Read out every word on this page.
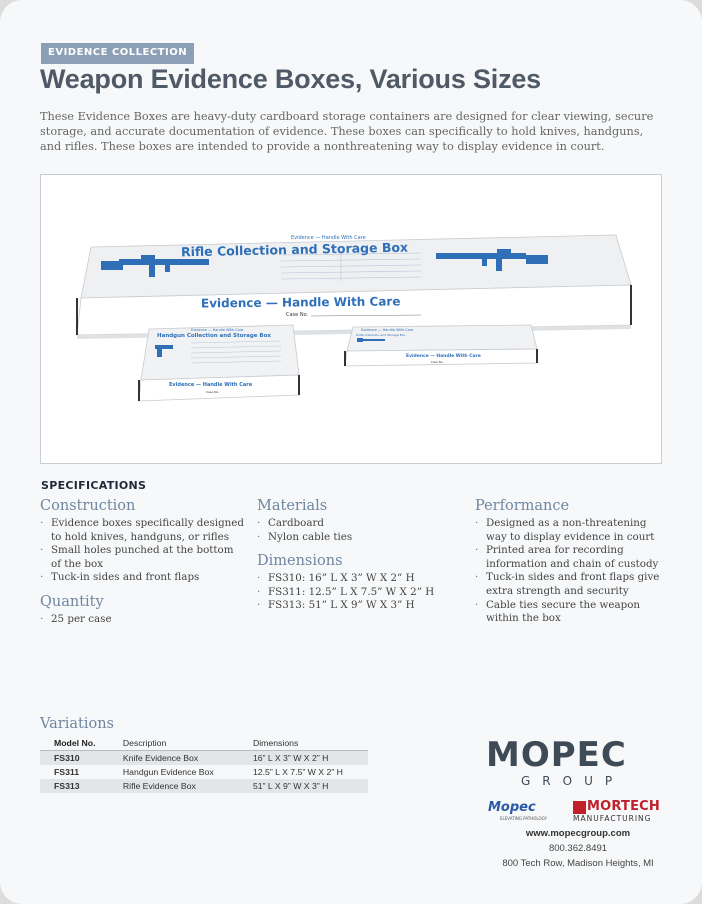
EVIDENCE COLLECTION
Weapon Evidence Boxes, Various Sizes

These Evidence Boxes are heavy-duty cardboard storage containers are designed for clear viewing, secure storage, and accurate documentation of evidence. These boxes can specifically to hold knives, handguns, and rifles. These boxes are intended to provide a nonthreatening way to display evidence in court.

Evidence — Handle With Care
Rifle Collection and Storage Box
Evidence — Handle With Care
Case No.
Evidence — Handle With Care
Handgun Collection and Storage Box
Evidence — Handle With Care
Case No.
Evidence — Handle With Care
Knife Collection and Storage Box
Evidence — Handle With Care
Case No.
SPECIFICATIONS
Construction
· Evidence boxes specifically designed to hold knives, handguns, or rifles
· Small holes punched at the bottom of the box
· Tuck-in sides and front flaps
Quantity
· 25 per case
Materials
· Cardboard
· Nylon cable ties
Dimensions
· FS310: 16” L X 3” W X 2” H
· FS311: 12.5” L X 7.5” W X 2” H
· FS313: 51” L X 9” W X 3” H
Performance
· Designed as a non-threatening way to display evidence in court
· Printed area for recording information and chain of custody
· Tuck-in sides and front flaps give extra strength and security
· Cable ties secure the weapon within the box
Variations
Model No.	Description	Dimensions
FS310	Knife Evidence Box	16” L X 3” W X 2” H
FS311	Handgun Evidence Box	12.5” L X 7.5” W X 2” H
FS313	Rifle Evidence Box	51” L X 9” W X 3” H
MOPEC
GROUP
Mopec
ELEVATING PATHOLOGY
MORTECH
MANUFACTURING
www.mopecgroup.com
800.362.8491
800 Tech Row, Madison Heights, MI
